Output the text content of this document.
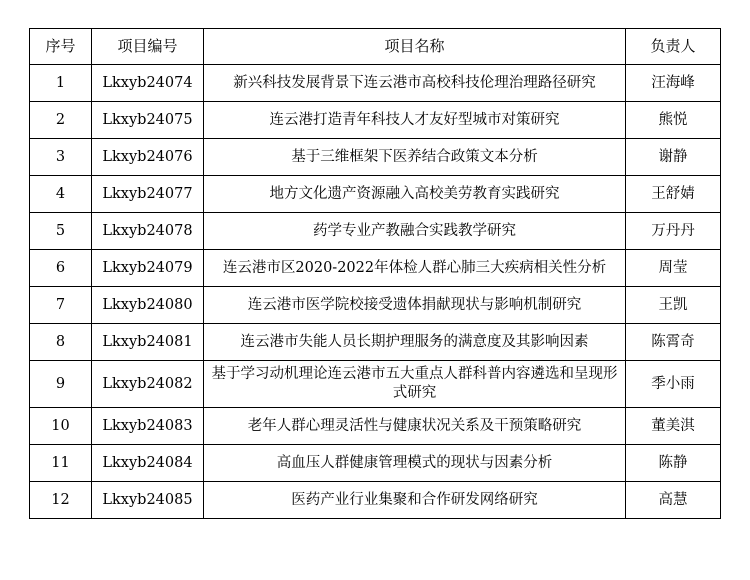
序号	项目编号	项目名称	负责人
1	Lkxyb24074	新兴科技发展背景下连云港市高校科技伦理治理路径研究	汪海峰
2	Lkxyb24075	连云港打造青年科技人才友好型城市对策研究	熊悦
3	Lkxyb24076	基于三维框架下医养结合政策文本分析	谢静
4	Lkxyb24077	地方文化遗产资源融入高校美劳教育实践研究	王舒婧
5	Lkxyb24078	药学专业产教融合实践教学研究	万丹丹
6	Lkxyb24079	连云港市区2020-2022年体检人群心肺三大疾病相关性分析	周莹
7	Lkxyb24080	连云港市医学院校接受遗体捐献现状与影响机制研究	王凯
8	Lkxyb24081	连云港市失能人员长期护理服务的满意度及其影响因素	陈霄奇
9	Lkxyb24082	基于学习动机理论连云港市五大重点人群科普内容遴选和呈现形式研究	季小雨
10	Lkxyb24083	老年人群心理灵活性与健康状况关系及干预策略研究	董美淇
11	Lkxyb24084	高血压人群健康管理模式的现状与因素分析	陈静
12	Lkxyb24085	医药产业行业集聚和合作研发网络研究	高慧
